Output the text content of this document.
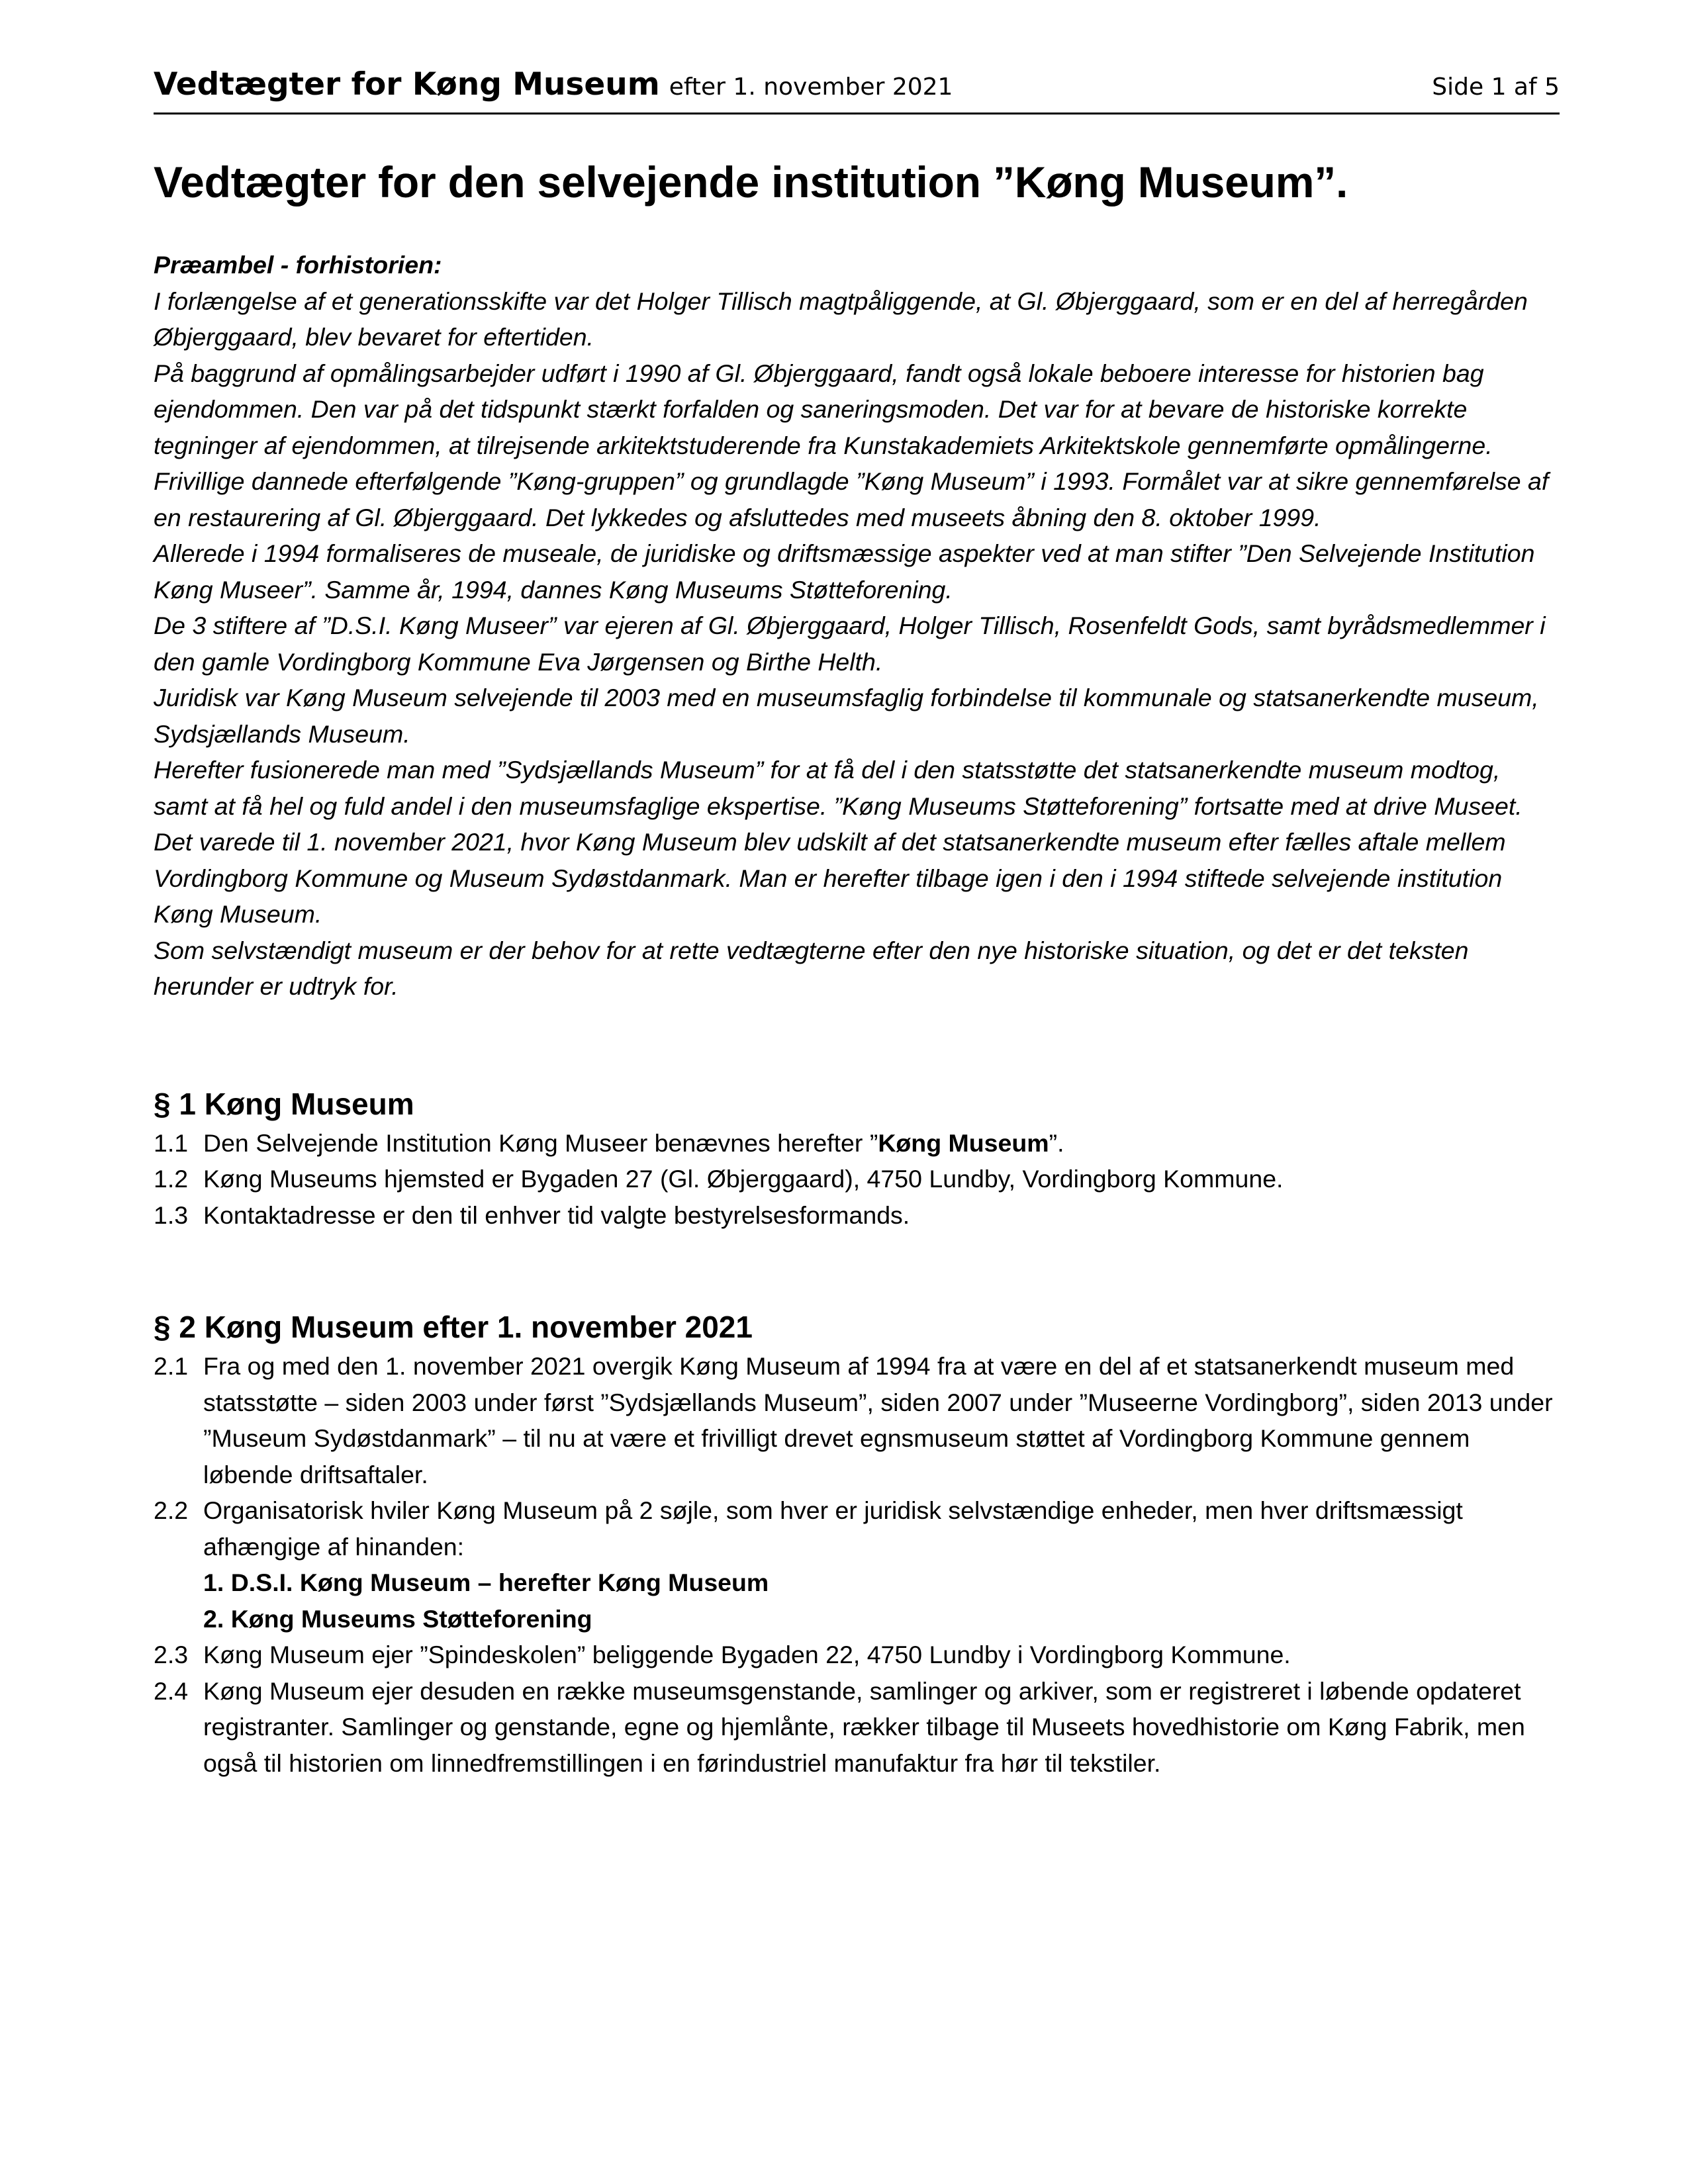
Vedtægter for Køng Museum efter 1. november 2021	Side 1 af 5
Vedtægter for den selvejende institution ”Køng Museum”.
Præambel - forhistorien:

I forlængelse af et generationsskifte var det Holger Tillisch magtpåliggende, at Gl. Øbjerggaard, som er en del af herregården Øbjerggaard, blev bevaret for eftertiden.

På baggrund af opmålingsarbejder udført i 1990 af Gl. Øbjerggaard, fandt også lokale beboere interesse for historien bag ejendommen. Den var på det tidspunkt stærkt forfalden og saneringsmoden. Det var for at bevare de historiske korrekte tegninger af ejendommen, at tilrejsende arkitektstuderende fra Kunstakademiets Arkitektskole gennemførte opmålingerne.

Frivillige dannede efterfølgende ”Køng-gruppen” og grundlagde ”Køng Museum” i 1993. Formålet var at sikre gennemførelse af en restaurering af Gl. Øbjerggaard. Det lykkedes og afsluttedes med museets åbning den 8. oktober 1999.

Allerede i 1994 formaliseres de museale, de juridiske og driftsmæssige aspekter ved at man stifter ”Den Selvejende Institution Køng Museer”. Samme år, 1994, dannes Køng Museums Støtteforening.

De 3 stiftere af ”D.S.I. Køng Museer” var ejeren af Gl. Øbjerggaard, Holger Tillisch, Rosenfeldt Gods, samt byrådsmedlemmer i den gamle Vordingborg Kommune Eva Jørgensen og Birthe Helth.

Juridisk var Køng Museum selvejende til 2003 med en museumsfaglig forbindelse til kommunale og statsanerkendte museum, Sydsjællands Museum.

Herefter fusionerede man med ”Sydsjællands Museum” for at få del i den statsstøtte det statsanerkendte museum modtog, samt at få hel og fuld andel i den museumsfaglige ekspertise. ”Køng Museums Støtteforening” fortsatte med at drive Museet.

Det varede til 1. november 2021, hvor Køng Museum blev udskilt af det statsanerkendte museum efter fælles aftale mellem Vordingborg Kommune og Museum Sydøstdanmark. Man er herefter tilbage igen i den i 1994 stiftede selvejende institution Køng Museum.

Som selvstændigt museum er der behov for at rette vedtægterne efter den nye historiske situation, og det er det teksten herunder er udtryk for.

§ 1 Køng Museum
1.1 Den Selvejende Institution Køng Museer benævnes herefter ”Køng Museum”.
1.2 Køng Museums hjemsted er Bygaden 27 (Gl. Øbjerggaard), 4750 Lundby, Vordingborg Kommune.
1.3 Kontaktadresse er den til enhver tid valgte bestyrelsesformands.
§ 2 Køng Museum efter 1. november 2021
2.1 Fra og med den 1. november 2021 overgik Køng Museum af 1994 fra at være en del af et statsanerkendt museum med statsstøtte – siden 2003 under først ”Sydsjællands Museum”, siden 2007 under ”Museerne Vordingborg”, siden 2013 under ”Museum Sydøstdanmark” – til nu at være et frivilligt drevet egnsmuseum støttet af Vordingborg Kommune gennem løbende driftsaftaler.
2.2 Organisatorisk hviler Køng Museum på 2 søjle, som hver er juridisk selvstændige enheder, men hver driftsmæssigt afhængige af hinanden:
1. D.S.I. Køng Museum – herefter Køng Museum
2. Køng Museums Støtteforening
2.3 Køng Museum ejer ”Spindeskolen” beliggende Bygaden 22, 4750 Lundby i Vordingborg Kommune.
2.4 Køng Museum ejer desuden en række museumsgenstande, samlinger og arkiver, som er registreret i løbende opdateret registranter. Samlinger og genstande, egne og hjemlånte, rækker tilbage til Museets hovedhistorie om Køng Fabrik, men også til historien om linnedfremstillingen i en førindustriel manufaktur fra hør til tekstiler.
